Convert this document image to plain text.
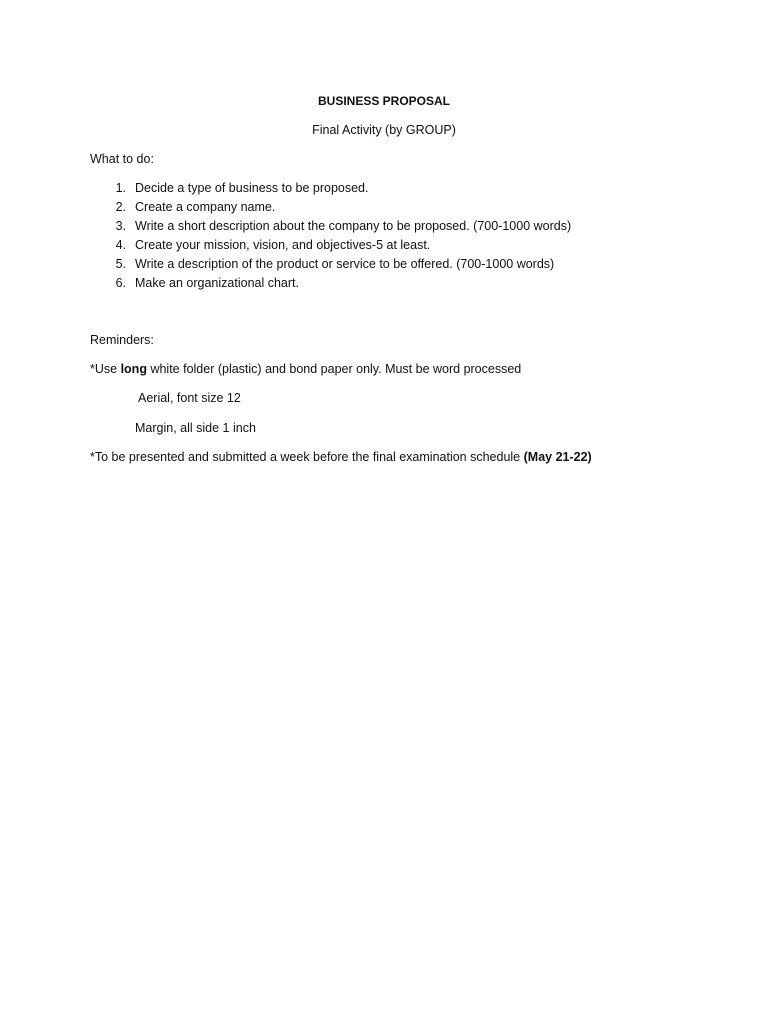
BUSINESS PROPOSAL
Final Activity (by GROUP)
What to do:
1. Decide a type of business to be proposed.
2. Create a company name.
3. Write a short description about the company to be proposed. (700-1000 words)
4. Create your mission, vision, and objectives-5 at least.
5. Write a description of the product or service to be offered. (700-1000 words)
6. Make an organizational chart.
Reminders:
*Use long white folder (plastic) and bond paper only. Must be word processed
Aerial, font size 12
Margin, all side 1 inch
*To be presented and submitted a week before the final examination schedule (May 21-22)
